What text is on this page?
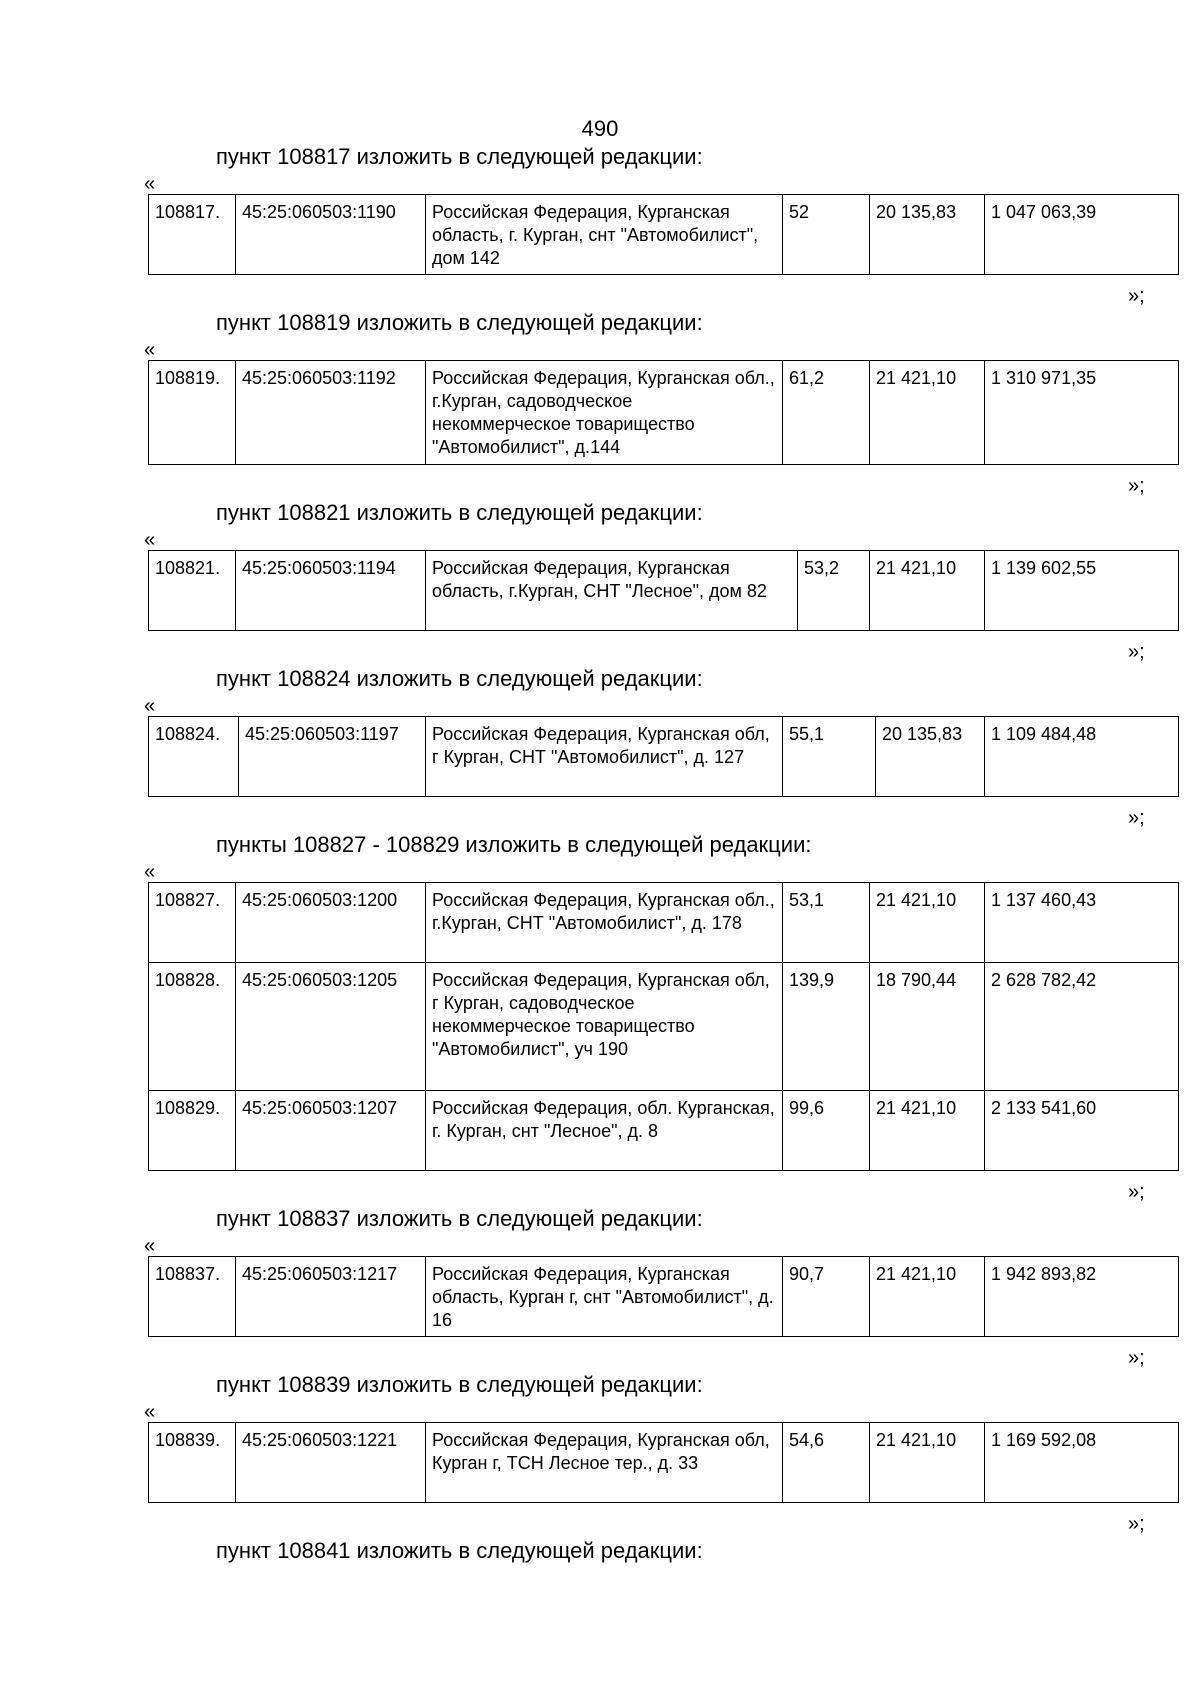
490
пункт 108817 изложить в следующей редакции:
«
108817.	45:25:060503:1190	Российская Федерация, Курганская область, г. Курган, снт "Автомобилист", дом 142	52	20 135,83	1 047 063,39
»;
пункт 108819 изложить в следующей редакции:
«
108819.	45:25:060503:1192	Российская Федерация, Курганская обл., г.Курган, садоводческое некоммерческое товарищество "Автомобилист", д.144	61,2	21 421,10	1 310 971,35
»;
пункт 108821 изложить в следующей редакции:
«
108821.	45:25:060503:1194	Российская Федерация, Курганская область, г.Курган, СНТ "Лесное", дом 82	53,2	21 421,10	1 139 602,55
»;
пункт 108824 изложить в следующей редакции:
«
108824.	45:25:060503:1197	Российская Федерация, Курганская обл, г Курган, СНТ "Автомобилист", д. 127	55,1	20 135,83	1 109 484,48
»;
пункты 108827 - 108829 изложить в следующей редакции:
«
108827.	45:25:060503:1200	Российская Федерация, Курганская обл., г.Курган, СНТ "Автомобилист", д. 178	53,1	21 421,10	1 137 460,43
108828.	45:25:060503:1205	Российская Федерация, Курганская обл, г Курган, садоводческое некоммерческое товарищество "Автомобилист", уч 190	139,9	18 790,44	2 628 782,42
108829.	45:25:060503:1207	Российская Федерация, обл. Курганская, г. Курган, снт "Лесное", д. 8	99,6	21 421,10	2 133 541,60
»;
пункт 108837 изложить в следующей редакции:
«
108837.	45:25:060503:1217	Российская Федерация, Курганская область, Курган г, снт "Автомобилист", д. 16	90,7	21 421,10	1 942 893,82
»;
пункт 108839 изложить в следующей редакции:
«
108839.	45:25:060503:1221	Российская Федерация, Курганская обл, Курган г, ТСН Лесное тер., д. 33	54,6	21 421,10	1 169 592,08
»;
пункт 108841 изложить в следующей редакции:
